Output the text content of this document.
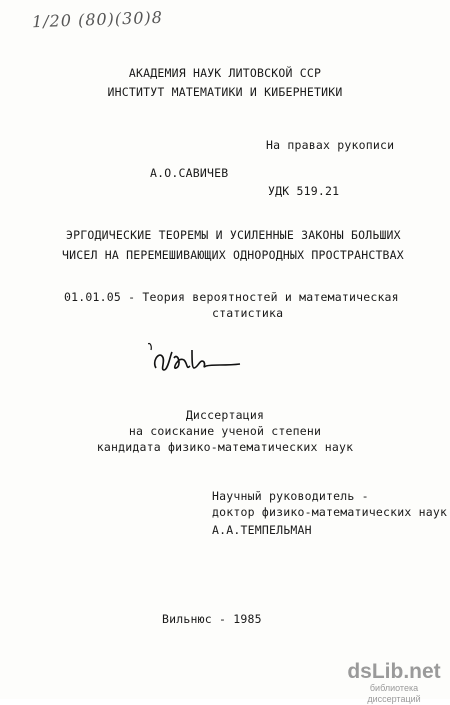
1/20 (80)(30)8
АКАДЕМИЯ НАУК ЛИТОВСКОЙ ССР
ИНСТИТУТ МАТЕМАТИКИ И КИБЕРНЕТИКИ
На правах рукописи
А.О.САВИЧЕВ
УДК 519.21
ЭРГОДИЧЕСКИЕ ТЕОРЕМЫ И УСИЛЕННЫЕ ЗАКОНЫ БОЛЬШИХ
ЧИСЕЛ НА ПЕРЕМЕШИВАЮЩИХ ОДНОРОДНЫХ ПРОСТРАНСТВАХ
01.01.05 - Теория вероятностей и математическая
статистика
Диссертация
на соискание ученой степени
кандидата физико-математических наук
Научный руководитель -
доктор физико-математических наук
А.А.ТЕМПЕЛЬМАН
Вильнюс - 1985
dsLib.net
библиотека диссертаций
